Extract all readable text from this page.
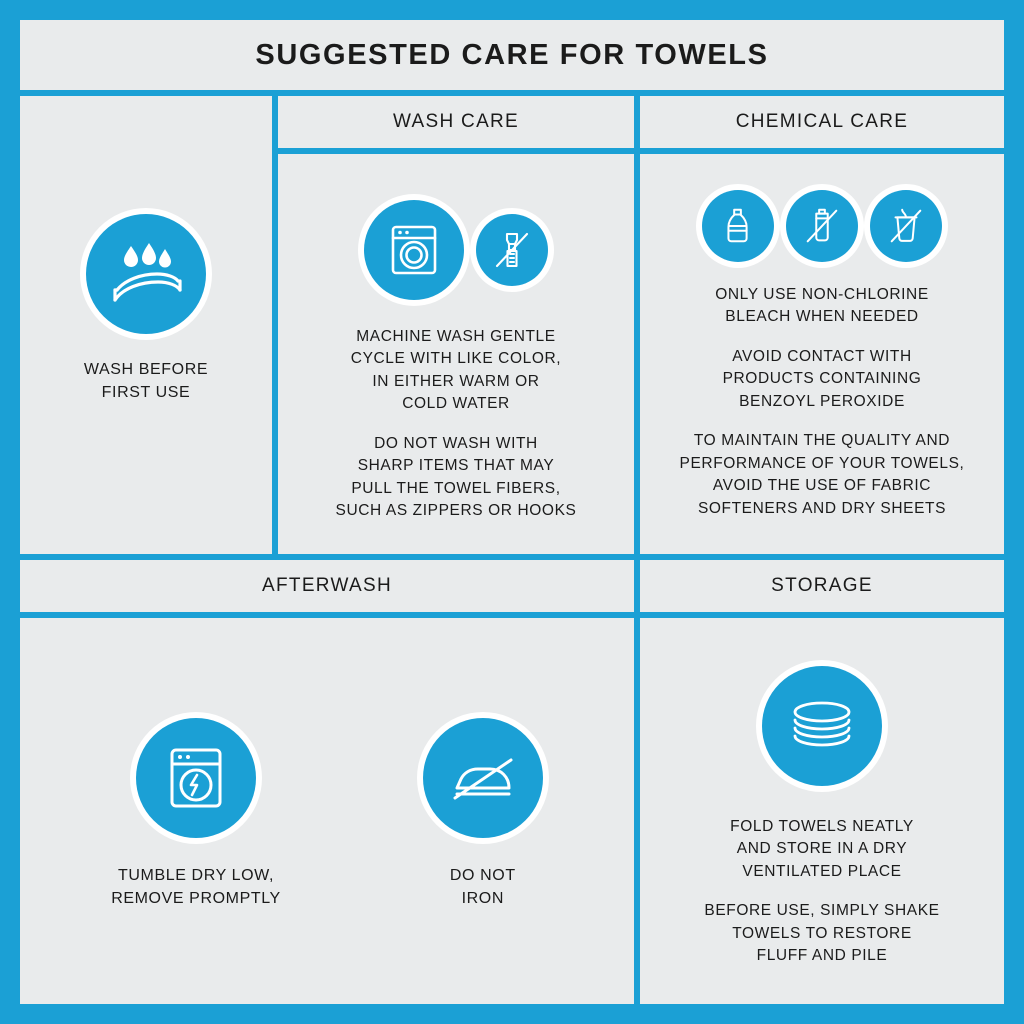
SUGGESTED CARE FOR TOWELS
WASH CARE	CHEMICAL CARE
AFTERWASH	STORAGE
WASH BEFORE
FIRST USE
MACHINE WASH GENTLE
CYCLE WITH LIKE COLOR,
IN EITHER WARM OR
COLD WATER
DO NOT WASH WITH
SHARP ITEMS THAT MAY
PULL THE TOWEL FIBERS,
SUCH AS ZIPPERS OR HOOKS
ONLY USE NON-CHLORINE
BLEACH WHEN NEEDED
AVOID CONTACT WITH
PRODUCTS CONTAINING
BENZOYL PEROXIDE
TO MAINTAIN THE QUALITY AND
PERFORMANCE OF YOUR TOWELS,
AVOID THE USE OF FABRIC
SOFTENERS AND DRY SHEETS
TUMBLE DRY LOW,
REMOVE PROMPTLY
DO NOT
IRON
FOLD TOWELS NEATLY
AND STORE IN A DRY
VENTILATED PLACE
BEFORE USE, SIMPLY SHAKE
TOWELS TO RESTORE
FLUFF AND PILE
